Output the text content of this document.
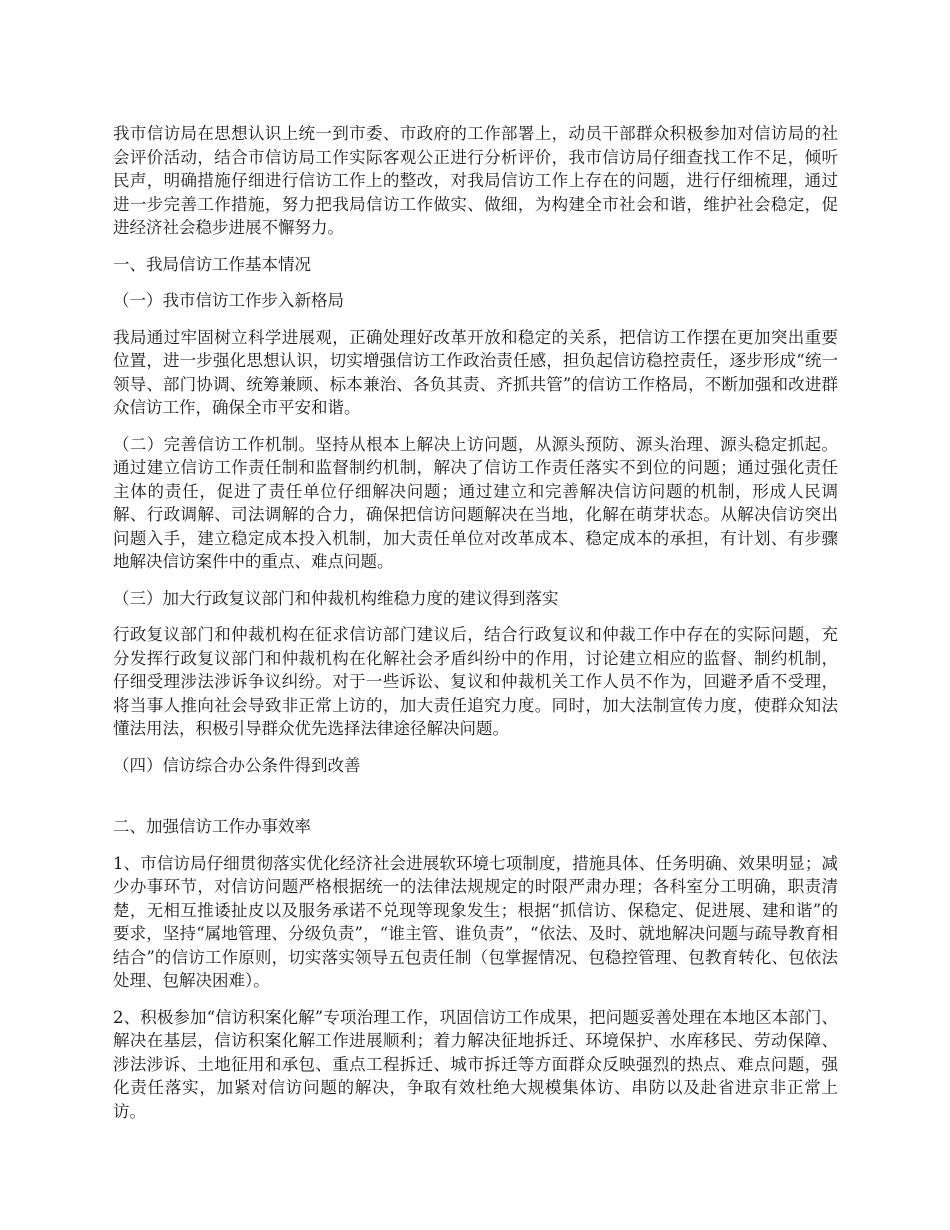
我市信访局在思想认识上统一到市委、市政府的工作部署上，动员干部群众积极参加对信访局的社会评价活动，结合市信访局工作实际客观公正进行分析评价，我市信访局仔细查找工作不足，倾听民声，明确措施仔细进行信访工作上的整改，对我局信访工作上存在的问题，进行仔细梳理，通过进一步完善工作措施，努力把我局信访工作做实、做细，为构建全市社会和谐，维护社会稳定，促进经济社会稳步进展不懈努力。

一、我局信访工作基本情况

（一）我市信访工作步入新格局

我局通过牢固树立科学进展观，正确处理好改革开放和稳定的关系，把信访工作摆在更加突出重要位置，进一步强化思想认识，切实增强信访工作政治责任感，担负起信访稳控责任，逐步形成“统一领导、部门协调、统筹兼顾、标本兼治、各负其责、齐抓共管”的信访工作格局，不断加强和改进群众信访工作，确保全市平安和谐。

（二）完善信访工作机制。坚持从根本上解决上访问题，从源头预防、源头治理、源头稳定抓起。通过建立信访工作责任制和监督制约机制，解决了信访工作责任落实不到位的问题；通过强化责任主体的责任，促进了责任单位仔细解决问题；通过建立和完善解决信访问题的机制，形成人民调解、行政调解、司法调解的合力，确保把信访问题解决在当地，化解在萌芽状态。从解决信访突出问题入手，建立稳定成本投入机制，加大责任单位对改革成本、稳定成本的承担，有计划、有步骤地解决信访案件中的重点、难点问题。

（三）加大行政复议部门和仲裁机构维稳力度的建议得到落实

行政复议部门和仲裁机构在征求信访部门建议后，结合行政复议和仲裁工作中存在的实际问题，充分发挥行政复议部门和仲裁机构在化解社会矛盾纠纷中的作用，讨论建立相应的监督、制约机制，仔细受理涉法涉诉争议纠纷。对于一些诉讼、复议和仲裁机关工作人员不作为，回避矛盾不受理，将当事人推向社会导致非正常上访的，加大责任追究力度。同时，加大法制宣传力度，使群众知法懂法用法，积极引导群众优先选择法律途径解决问题。

（四）信访综合办公条件得到改善

二、加强信访工作办事效率

1、市信访局仔细贯彻落实优化经济社会进展软环境七项制度，措施具体、任务明确、效果明显；减少办事环节，对信访问题严格根据统一的法律法规规定的时限严肃办理；各科室分工明确，职责清楚，无相互推诿扯皮以及服务承诺不兑现等现象发生；根据“抓信访、保稳定、促进展、建和谐”的要求，坚持“属地管理、分级负责”，“谁主管、谁负责”，“依法、及时、就地解决问题与疏导教育相结合”的信访工作原则，切实落实领导五包责任制（包掌握情况、包稳控管理、包教育转化、包依法处理、包解决困难）。

2、积极参加“信访积案化解”专项治理工作，巩固信访工作成果，把问题妥善处理在本地区本部门、解决在基层，信访积案化解工作进展顺利；着力解决征地拆迁、环境保护、水库移民、劳动保障、涉法涉诉、土地征用和承包、重点工程拆迁、城市拆迁等方面群众反映强烈的热点、难点问题，强化责任落实，加紧对信访问题的解决，争取有效杜绝大规模集体访、串防以及赴省进京非正常上访。
